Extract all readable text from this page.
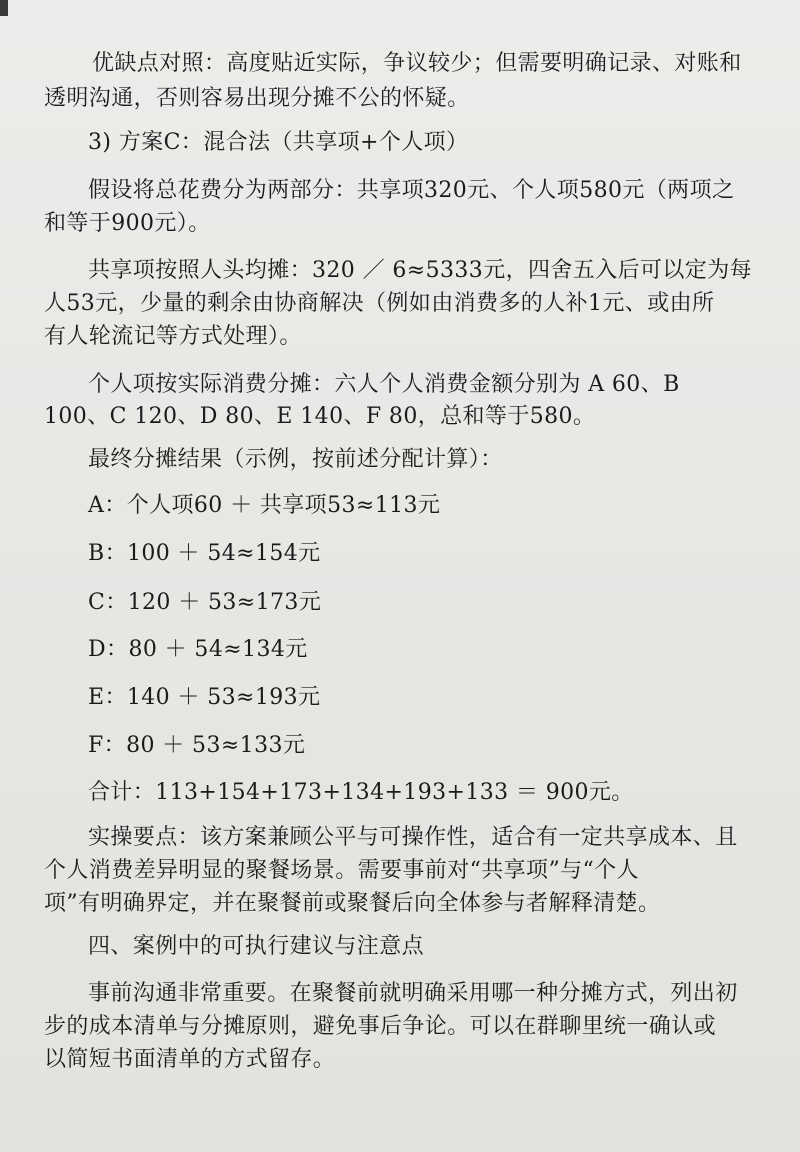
优缺点对照：高度贴近实际，争议较少；但需要明确记录、对账和
透明沟通，否则容易出现分摊不公的怀疑。
3) 方案C：混合法（共享项+个人项）
假设将总花费分为两部分：共享项320元、个人项580元（两项之
和等于900元）。
共享项按照人头均摊：320 ／ 6≈5333元，四舍五入后可以定为每
人53元，少量的剩余由协商解决（例如由消费多的人补1元、或由所
有人轮流记等方式处理）。
个人项按实际消费分摊：六人个人消费金额分别为 A 60、B
100、C 120、D 80、E 140、F 80，总和等于580。
最终分摊结果（示例，按前述分配计算）：
A：个人项60 ＋ 共享项53≈113元
B：100 ＋ 54≈154元
C：120 ＋ 53≈173元
D：80 ＋ 54≈134元
E：140 ＋ 53≈193元
F：80 ＋ 53≈133元
合计：113+154+173+134+193+133 ＝ 900元。
实操要点：该方案兼顾公平与可操作性，适合有一定共享成本、且
个人消费差异明显的聚餐场景。需要事前对“共享项”与“个人
项”有明确界定，并在聚餐前或聚餐后向全体参与者解释清楚。
四、案例中的可执行建议与注意点
事前沟通非常重要。在聚餐前就明确采用哪一种分摊方式，列出初
步的成本清单与分摊原则，避免事后争论。可以在群聊里统一确认或
以简短书面清单的方式留存。
